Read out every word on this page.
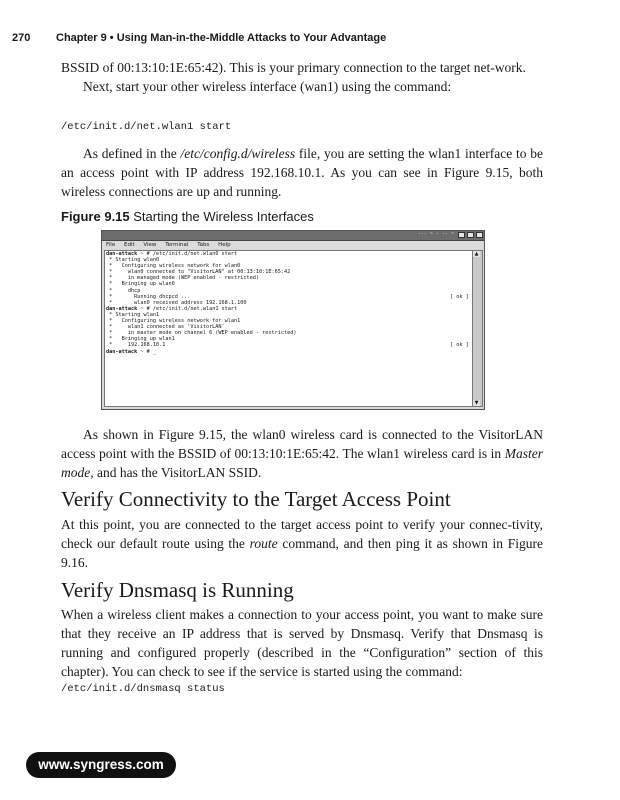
270 Chapter 9 • Using Man-in-the-Middle Attacks to Your Advantage

BSSID of 00:13:10:1E:65:42). This is your primary connection to the target net-work.

Next, start your other wireless interface (wan1) using the command:

/etc/init.d/net.wlan1 start

As defined in the /etc/config.d/wireless file, you are setting the wlan1 interface to be an access point with IP address 192.168.10.1. As you can see in Figure 9.15, both wireless connections are up and running.

Figure 9.15 Starting the Wireless Interfaces
--- ~ - -- ~
File Edit View Terminal Tabs Help
dan-attack ~ # /etc/init.d/net.wlan0 start
* Starting wlan0
*   Configuring wireless network for wlan0
*     wlan0 connected to "VisitorLAN" at 00:13:10:1E:65:42
*     in managed mode (WEP enabled - restricted)
*   Bringing up wlan0
*     dhcp
*       Running dhcpcd ...	[ ok ]
*       wlan0 received address 192.168.1.100
dan-attack ~ # /etc/init.d/net.wlan1 start
* Starting wlan1
*   Configuring wireless network for wlan1
*     wlan1 connected as 'VisitorLAN'
*     in master mode on channel 6 (WEP enabled - restricted)
*   Bringing up wlan1
*     192.168.10.1	[ ok ]
dan-attack ~ # _
▲
▼

As shown in Figure 9.15, the wlan0 wireless card is connected to the VisitorLAN access point with the BSSID of 00:13:10:1E:65:42. The wlan1 wireless card is in Master mode, and has the VisitorLAN SSID.

Verify Connectivity to the Target Access Point

At this point, you are connected to the target access point to verify your connec-tivity, check our default route using the route command, and then ping it as shown in Figure 9.16.

Verify Dnsmasq is Running

When a wireless client makes a connection to your access point, you want to make sure that they receive an IP address that is served by Dnsmasq. Verify that Dnsmasq is running and configured properly (described in the “Configuration” section of this chapter). You can check to see if the service is started using the command:

/etc/init.d/dnsmasq status
www.syngress.com
